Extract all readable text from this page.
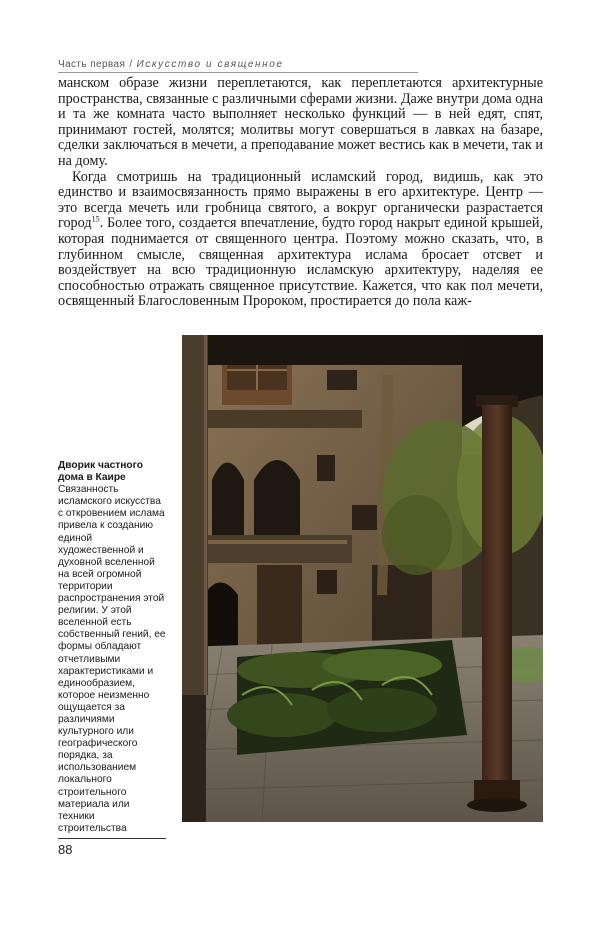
Часть первая / Искусство и священное

манском образе жизни переплетаются, как переплетаются архитектурные пространства, связанные с различными сферами жизни. Даже внутри дома одна и та же комната часто выполняет несколько функций — в ней едят, спят, принимают гостей, молятся; молитвы могут совершаться в лавках на базаре, сделки заключаться в мечети, а преподавание может вестись как в мечети, так и на дому.

Когда смотришь на традиционный исламский город, видишь, как это единство и взаимосвязанность прямо выражены в его архитектуре. Центр — это всегда мечеть или гробница святого, а вокруг органически разрастается город$^{15}$. Более того, создается впечатление, будто город накрыт единой крышей, которая поднимается от священного центра. Поэтому можно сказать, что, в глубинном смысле, священная архитектура ислама бросает отсвет и воздействует на всю традиционную исламскую архитектуру, наделяя ее способностью отражать священное присутствие. Кажется, что как пол мечети, освященный Благословенным Пророком, простирается до пола каж-

Дворик частного дома в Каире
Связанность исламского искусства с откровением ислама привела к созданию единой художественной и духовной вселенной на всей огромной территории распространения этой религии. У этой вселенной есть собственный гений, ее формы обладают отчетливыми характеристиками и единообразием, которое неизменно ощущается за различиями культурного или географического порядка, за использованием локального строительного материала или техники строительства
88
